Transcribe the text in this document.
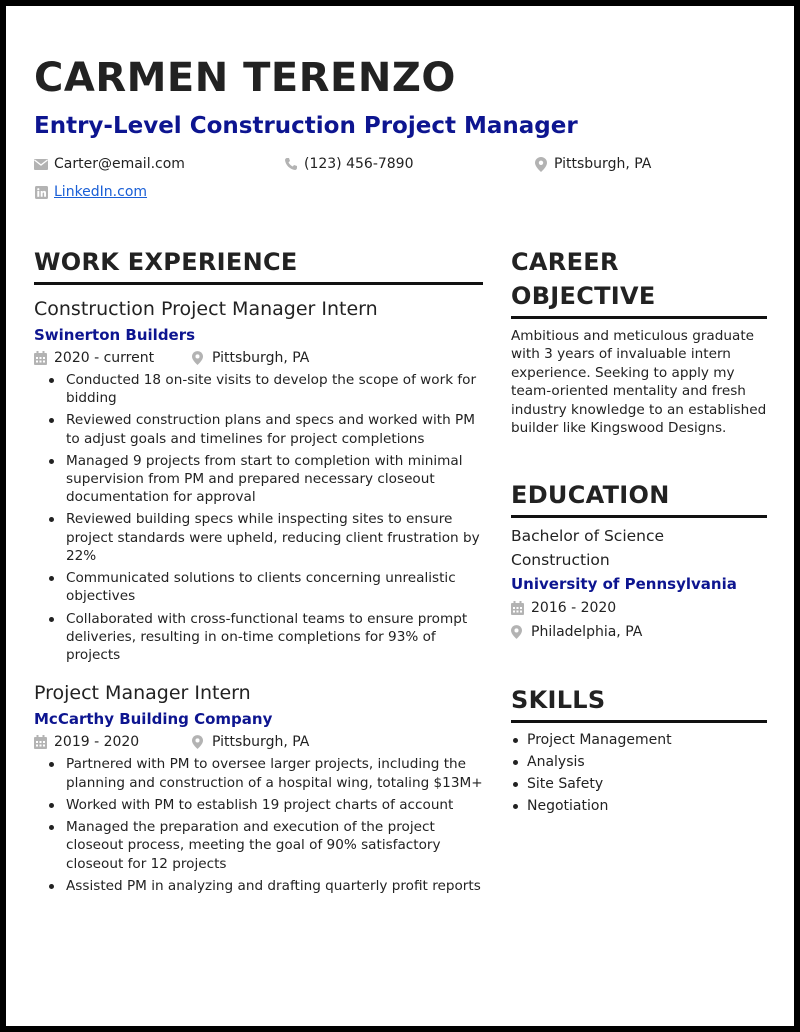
CARMEN TERENZO
Entry-Level Construction Project Manager
Carter@email.com	(123) 456-7890	Pittsburgh, PA
LinkedIn.com
WORK EXPERIENCE
Construction Project Manager Intern
Swinerton Builders
2020 - current	Pittsburgh, PA
Conducted 18 on-site visits to develop the scope of work for bidding
Reviewed construction plans and specs and worked with PM to adjust goals and timelines for project completions
Managed 9 projects from start to completion with minimal supervision from PM and prepared necessary closeout documentation for approval
Reviewed building specs while inspecting sites to ensure project standards were upheld, reducing client frustration by 22%
Communicated solutions to clients concerning unrealistic objectives
Collaborated with cross-functional teams to ensure prompt deliveries, resulting in on-time completions for 93% of projects
Project Manager Intern
McCarthy Building Company
2019 - 2020	Pittsburgh, PA
Partnered with PM to oversee larger projects, including the planning and construction of a hospital wing, totaling $13M+
Worked with PM to establish 19 project charts of account
Managed the preparation and execution of the project closeout process, meeting the goal of 90% satisfactory closeout for 12 projects
Assisted PM in analyzing and drafting quarterly profit reports
CAREER
OBJECTIVE
Ambitious and meticulous graduate with 3 years of invaluable intern experience. Seeking to apply my team-oriented mentality and fresh industry knowledge to an established builder like Kingswood Designs.
EDUCATION
Bachelor of Science
Construction
University of Pennsylvania
2016 - 2020
Philadelphia, PA
SKILLS
Project Management
Analysis
Site Safety
Negotiation
